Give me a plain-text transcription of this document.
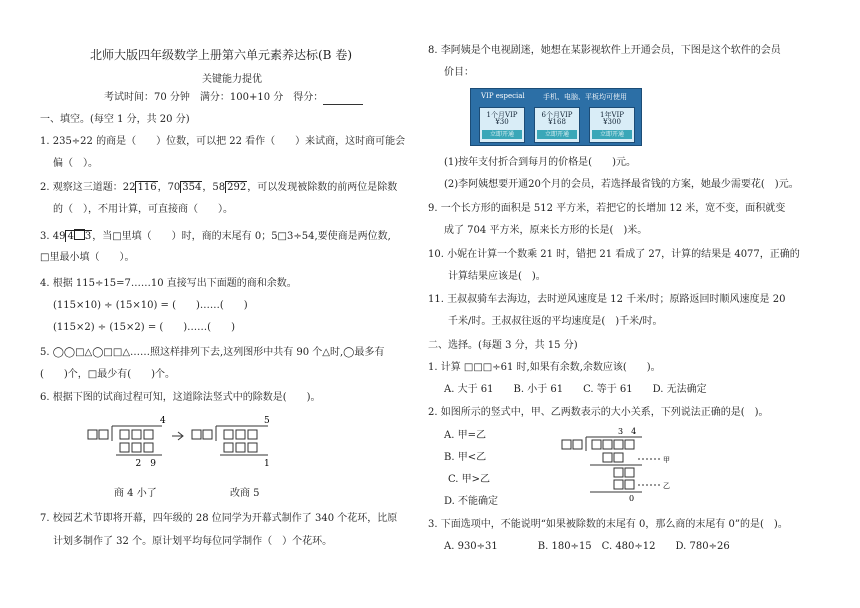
北师大版四年级数学上册第六单元素养达标(B 卷)
关键能力提优
考试时间：70 分钟　满分：100+10 分　得分：
一、填空。(每空 1 分，共 20 分)
1. 235÷22 的商是（　　）位数，可以把 22 看作（　　）来试商，这时商可能会
偏（　）。
2. 观察这三道题：22 116，70 354，58 292，可以发现被除数的前两位是除数
的（　），不用计算，可直接商（　　）。
3. 49 4 3，当□里填（　　）时，商的末尾有 0；5□3÷54,要使商是两位数,
□里最小填（　　）。
4. 根据 115÷15=7……10 直接写出下面题的商和余数。
(115×10) ÷ (15×10) = (　　)……(　　)
(115×2) ÷ (15×2) = (　　)……(　　)
5. ◯◯□△◯□□△……照这样排列下去,这列图形中共有 90 个△时,◯最多有
(　　)个，□最少有(　　)个。
6. 根据下图的试商过程可知，这道除法竖式中的除数是(　　)。
2　9
4
1
5
商 4 小了	改商 5
7. 校园艺术节即将开幕，四年级的 28 位同学为开幕式制作了 340 个花环，比原
计划多制作了 32 个。原计划平均每位同学制作（　）个花环。
8. 李阿姨是个电视剧迷，她想在某影视软件上开通会员，下图是这个软件的会员
价目：
VIP especial	手机、电脑、平板均可使用
1个月VIP
¥30
立即开通
6个月VIP
¥168
立即开通
1年VIP
¥300
立即开通
(1)按年支付折合到每月的价格是(　　)元。
(2)李阿姨想要开通20个月的会员，若选择最省钱的方案，她最少需要花(　)元。
9. 一个长方形的面积是 512 平方米，若把它的长增加 12 米，宽不变，面积就变
成了 704 平方米，原来长方形的长是(　)米。
10. 小妮在计算一个数乘 21 时，错把 21 看成了 27，计算的结果是 4077，正确的
计算结果应该是(　)。
11. 王叔叔骑车去海边，去时逆风速度是 12 千米/时；原路返回时顺风速度是 20
千米/时。王叔叔往返的平均速度是(　)千米/时。
二、选择。(每题 3 分，共 15 分)
1. 计算 □□□÷61 时,如果有余数,余数应该(　　)。
A. 大于 61　　B. 小于 61　　C. 等于 61　　D. 无法确定
2. 如图所示的竖式中，甲、乙两数表示的大小关系，下列说法正确的是(　)。
A. 甲=乙
B. 甲<乙
C. 甲>乙
D. 不能确定
3　4
甲
乙
0
3. 下面选项中，不能说明“如果被除数的末尾有 0，那么商的末尾有 0”的是(　)。
A. 930÷31　　　　B. 180÷15　C. 480÷12　　D. 780÷26
